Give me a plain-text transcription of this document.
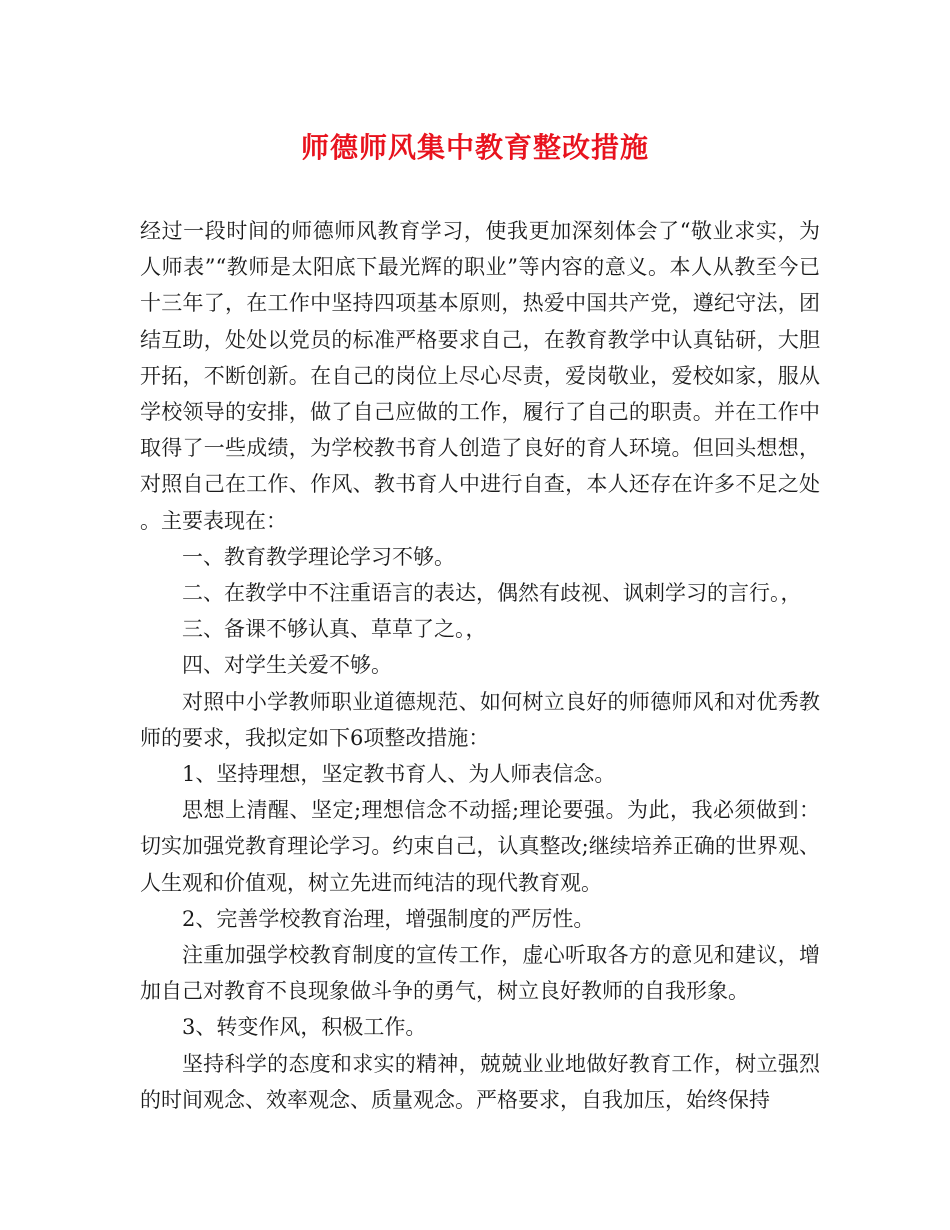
师德师风集中教育整改措施

经过一段时间的师德师风教育学习，使我更加深刻体会了“敬业求实，为人师表”“教师是太阳底下最光辉的职业”等内容的意义。本人从教至今已十三年了，在工作中坚持四项基本原则，热爱中国共产党，遵纪守法，团结互助，处处以党员的标准严格要求自己，在教育教学中认真钻研，大胆开拓，不断创新。在自己的岗位上尽心尽责，爱岗敬业，爱校如家，服从学校领导的安排，做了自己应做的工作，履行了自己的职责。并在工作中取得了一些成绩，为学校教书育人创造了良好的育人环境。但回头想想，对照自己在工作、作风、教书育人中进行自查，本人还存在许多不足之处。主要表现在：

一、教育教学理论学习不够。

二、在教学中不注重语言的表达，偶然有歧视、讽刺学习的言行。，

三、备课不够认真、草草了之。，

四、对学生关爱不够。

对照中小学教师职业道德规范、如何树立良好的师德师风和对优秀教师的要求，我拟定如下6项整改措施：

1、坚持理想，坚定教书育人、为人师表信念。

思想上清醒、坚定;理想信念不动摇;理论要强。为此，我必须做到：切实加强党教育理论学习。约束自己，认真整改;继续培养正确的世界观、人生观和价值观，树立先进而纯洁的现代教育观。

2、完善学校教育治理，增强制度的严厉性。

注重加强学校教育制度的宣传工作，虚心听取各方的意见和建议，增加自己对教育不良现象做斗争的勇气，树立良好教师的自我形象。

3、转变作风，积极工作。

坚持科学的态度和求实的精神，兢兢业业地做好教育工作，树立强烈的时间观念、效率观念、质量观念。严格要求，自我加压，始终保持
